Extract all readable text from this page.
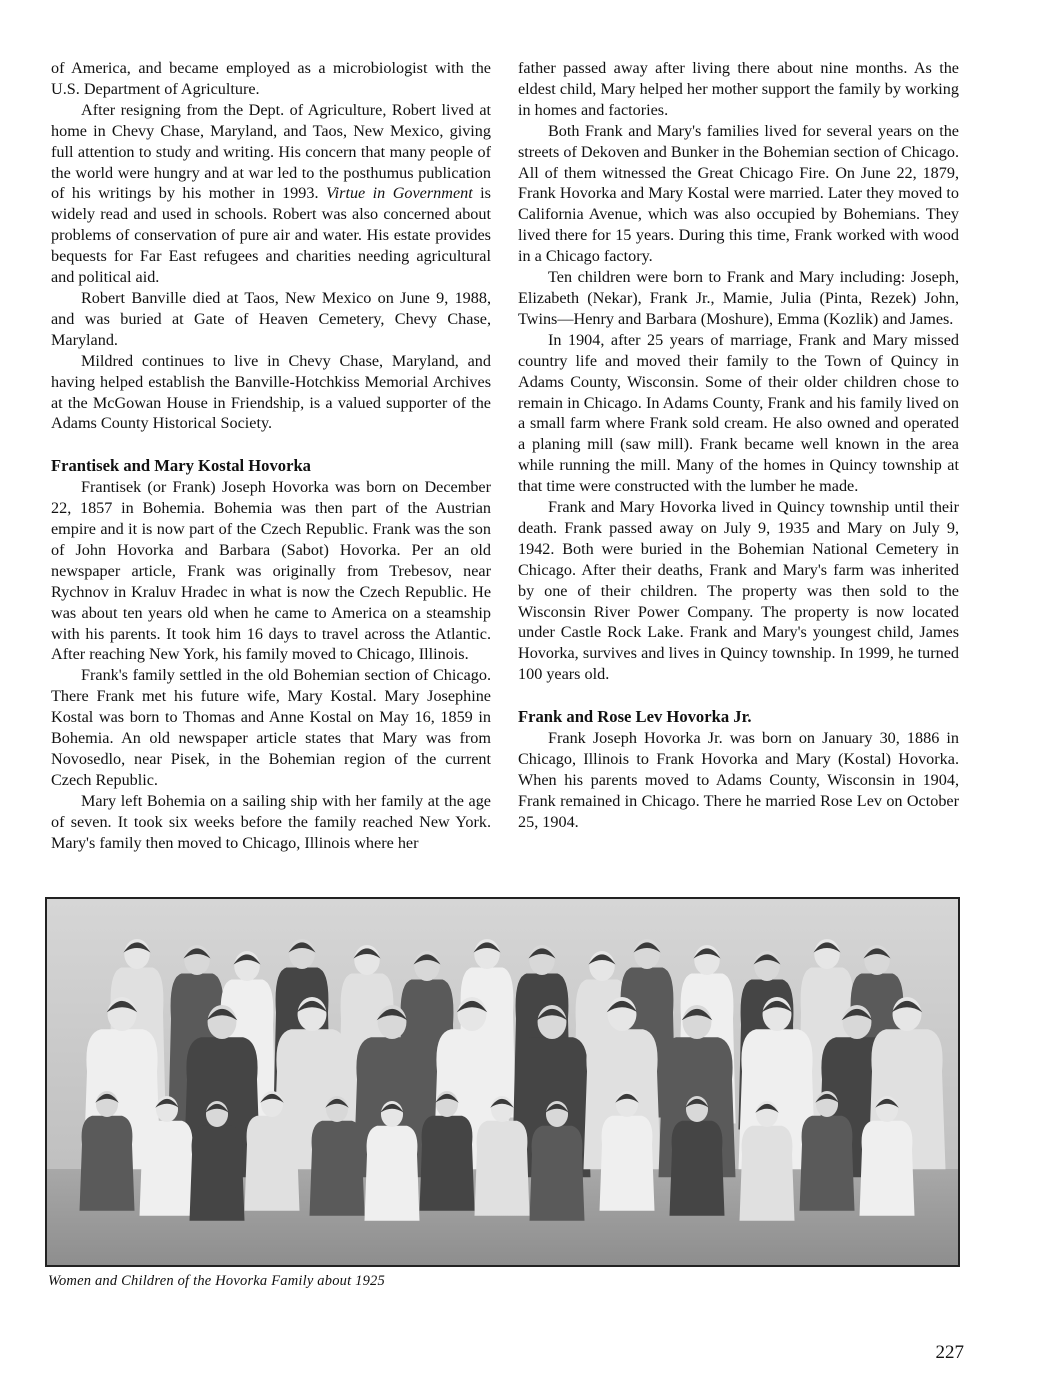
of America, and became employed as a microbiologist with the U.S. Department of Agriculture.

After resigning from the Dept. of Agriculture, Robert lived at home in Chevy Chase, Maryland, and Taos, New Mexico, giving full attention to study and writing. His concern that many people of the world were hungry and at war led to the posthumus publication of his writings by his mother in 1993. Virtue in Government is widely read and used in schools. Robert was also concerned about problems of conservation of pure air and water. His estate provides bequests for Far East refugees and charities needing agricultural and political aid.

Robert Banville died at Taos, New Mexico on June 9, 1988, and was buried at Gate of Heaven Cemetery, Chevy Chase, Maryland.

Mildred continues to live in Chevy Chase, Maryland, and having helped establish the Banville-Hotchkiss Memorial Archives at the McGowan House in Friendship, is a valued supporter of the Adams County Historical Society.

Frantisek and Mary Kostal Hovorka

Frantisek (or Frank) Joseph Hovorka was born on December 22, 1857 in Bohemia. Bohemia was then part of the Austrian empire and it is now part of the Czech Republic. Frank was the son of John Hovorka and Barbara (Sabot) Hovorka. Per an old newspaper article, Frank was originally from Trebesov, near Rychnov in Kraluv Hradec in what is now the Czech Republic. He was about ten years old when he came to America on a steamship with his parents. It took him 16 days to travel across the Atlantic. After reaching New York, his family moved to Chicago, Illinois.

Frank's family settled in the old Bohemian section of Chicago. There Frank met his future wife, Mary Kostal. Mary Josephine Kostal was born to Thomas and Anne Kostal on May 16, 1859 in Bohemia. An old newspaper article states that Mary was from Novosedlo, near Pisek, in the Bohemian region of the current Czech Republic.

Mary left Bohemia on a sailing ship with her family at the age of seven. It took six weeks before the family reached New York. Mary's family then moved to Chicago, Illinois where her

father passed away after living there about nine months. As the eldest child, Mary helped her mother support the family by working in homes and factories.

Both Frank and Mary's families lived for several years on the streets of Dekoven and Bunker in the Bohemian section of Chicago. All of them witnessed the Great Chicago Fire. On June 22, 1879, Frank Hovorka and Mary Kostal were married. Later they moved to California Avenue, which was also occupied by Bohemians. They lived there for 15 years. During this time, Frank worked with wood in a Chicago factory.

Ten children were born to Frank and Mary including: Joseph, Elizabeth (Nekar), Frank Jr., Mamie, Julia (Pinta, Rezek) John, Twins—Henry and Barbara (Moshure), Emma (Kozlik) and James.

In 1904, after 25 years of marriage, Frank and Mary missed country life and moved their family to the Town of Quincy in Adams County, Wisconsin. Some of their older children chose to remain in Chicago. In Adams County, Frank and his family lived on a small farm where Frank sold cream. He also owned and operated a planing mill (saw mill). Frank became well known in the area while running the mill. Many of the homes in Quincy township at that time were constructed with the lumber he made.

Frank and Mary Hovorka lived in Quincy township until their death. Frank passed away on July 9, 1935 and Mary on July 9, 1942. Both were buried in the Bohemian National Cemetery in Chicago. After their deaths, Frank and Mary's farm was inherited by one of their children. The property was then sold to the Wisconsin River Power Company. The property is now located under Castle Rock Lake. Frank and Mary's youngest child, James Hovorka, survives and lives in Quincy township. In 1999, he turned 100 years old.

Frank and Rose Lev Hovorka Jr.

Frank Joseph Hovorka Jr. was born on January 30, 1886 in Chicago, Illinois to Frank Hovorka and Mary (Kostal) Hovorka. When his parents moved to Adams County, Wisconsin in 1904, Frank remained in Chicago. There he married Rose Lev on October 25, 1904.

Women and Children of the Hovorka Family about 1925
227
